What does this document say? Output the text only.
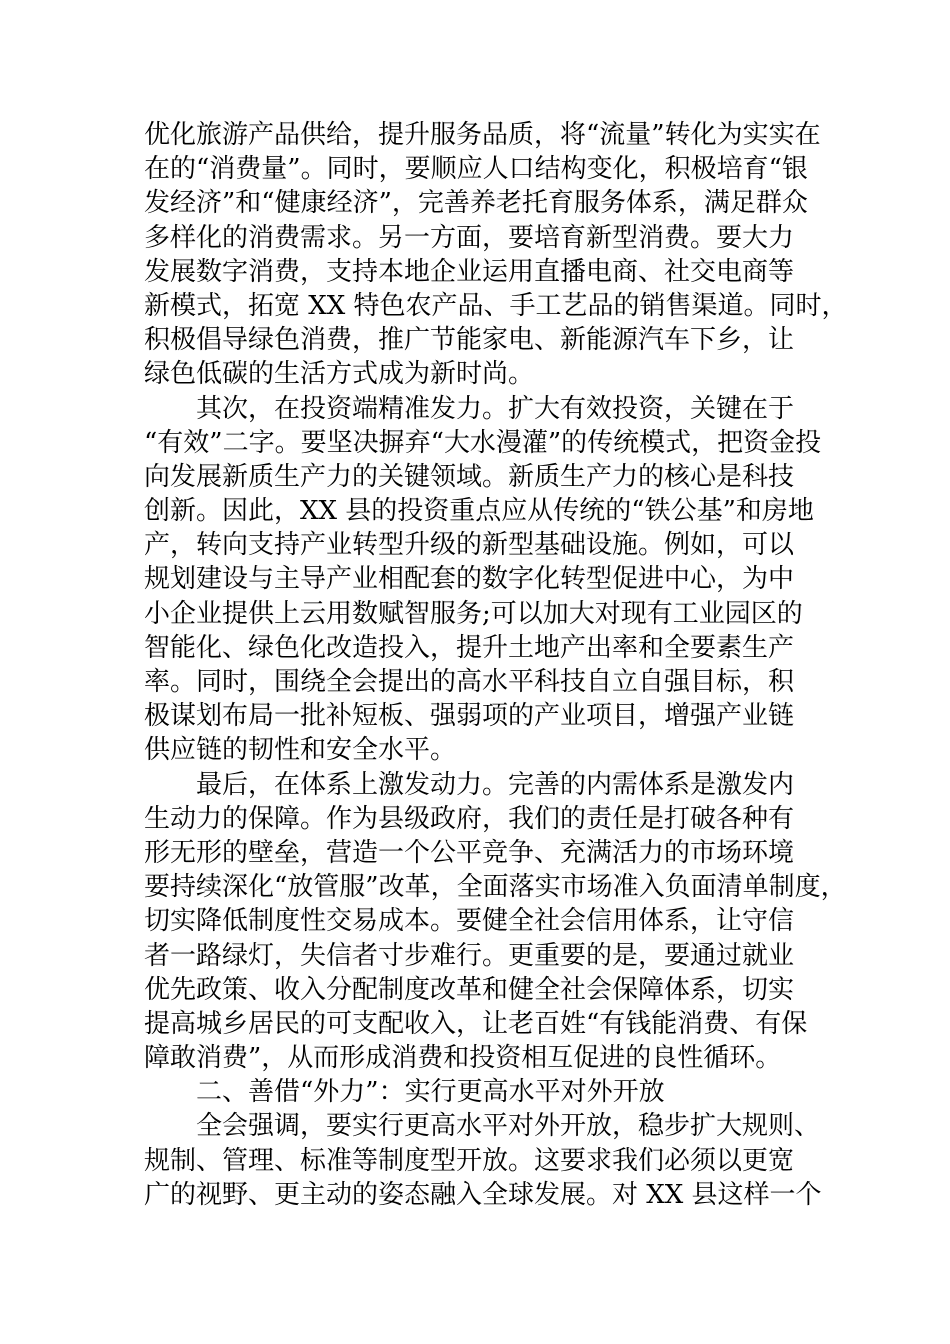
优化旅游产品供给，提升服务品质，将“流量”转化为实实在
在的“消费量”。同时，要顺应人口结构变化，积极培育“银
发经济”和“健康经济”，完善养老托育服务体系，满足群众
多样化的消费需求。另一方面，要培育新型消费。要大力
发展数字消费，支持本地企业运用直播电商、社交电商等
新模式，拓宽 XX 特色农产品、手工艺品的销售渠道。同时，
积极倡导绿色消费，推广节能家电、新能源汽车下乡，让
绿色低碳的生活方式成为新时尚。
其次，在投资端精准发力。扩大有效投资，关键在于
“有效”二字。要坚决摒弃“大水漫灌”的传统模式，把资金投
向发展新质生产力的关键领域。新质生产力的核心是科技
创新。因此，XX 县的投资重点应从传统的“铁公基”和房地
产，转向支持产业转型升级的新型基础设施。例如，可以
规划建设与主导产业相配套的数字化转型促进中心，为中
小企业提供上云用数赋智服务;可以加大对现有工业园区的
智能化、绿色化改造投入，提升土地产出率和全要素生产
率。同时，围绕全会提出的高水平科技自立自强目标，积
极谋划布局一批补短板、强弱项的产业项目，增强产业链
供应链的韧性和安全水平。
最后，在体系上激发动力。完善的内需体系是激发内
生动力的保障。作为县级政府，我们的责任是打破各种有
形无形的壁垒，营造一个公平竞争、充满活力的市场环境
要持续深化“放管服”改革，全面落实市场准入负面清单制度，
切实降低制度性交易成本。要健全社会信用体系，让守信
者一路绿灯，失信者寸步难行。更重要的是，要通过就业
优先政策、收入分配制度改革和健全社会保障体系，切实
提高城乡居民的可支配收入，让老百姓“有钱能消费、有保
障敢消费”，从而形成消费和投资相互促进的良性循环。
二、善借“外力”：实行更高水平对外开放
全会强调，要实行更高水平对外开放，稳步扩大规则、
规制、管理、标准等制度型开放。这要求我们必须以更宽
广的视野、更主动的姿态融入全球发展。对 XX 县这样一个
